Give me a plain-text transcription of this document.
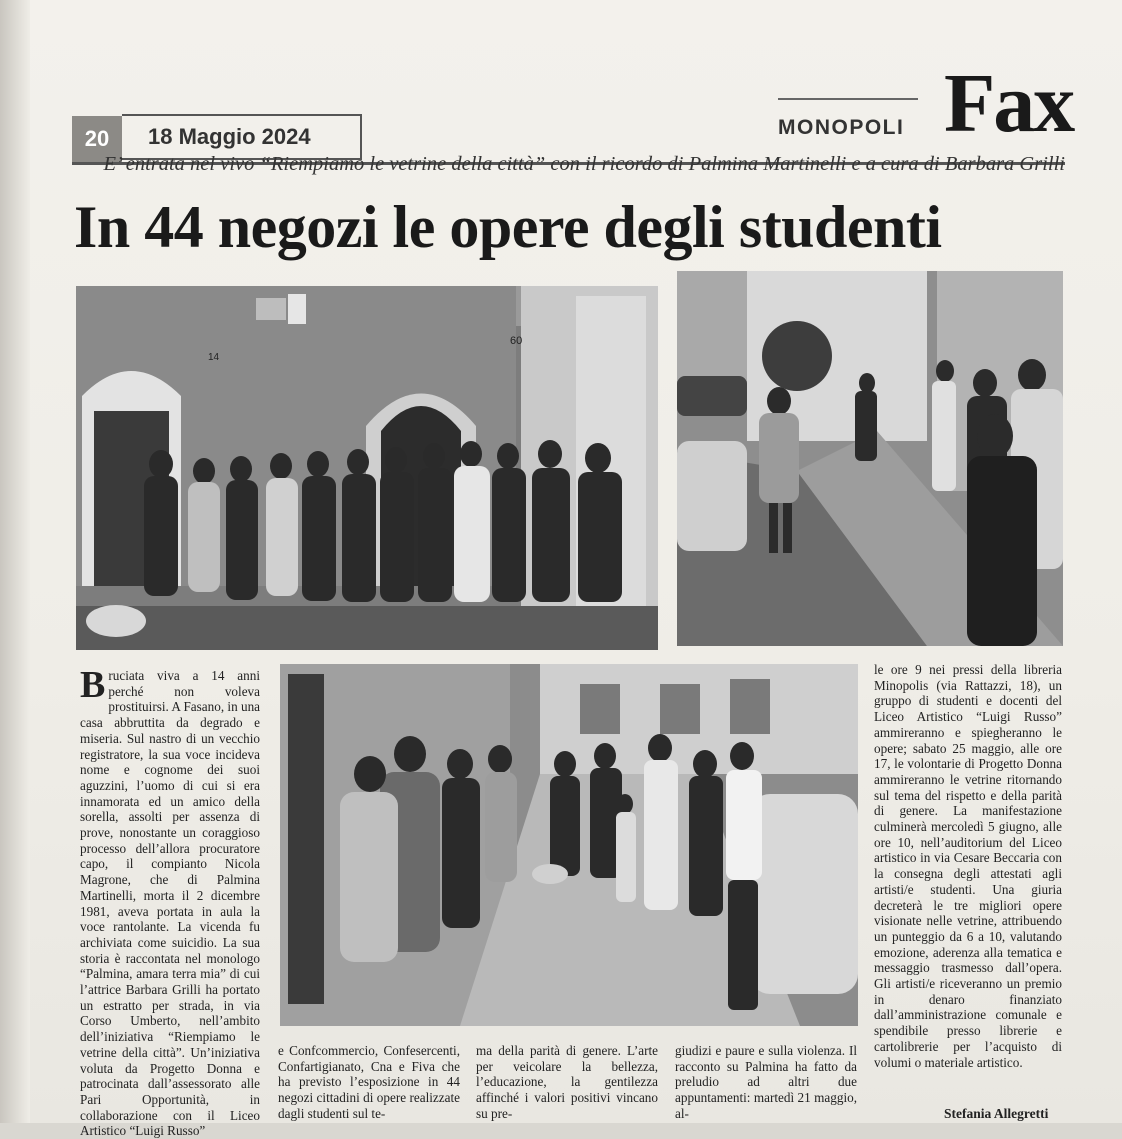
20	18 Maggio 2024	MONOPOLI Fax
E’ entrata nel vivo “Riempiamo le vetrine della città” con il ricordo di Palmina Martinelli e a cura di Barbara Grilli
In 44 negozi le opere degli studenti
60
14
Bruciata viva a 14 anni perché non voleva prostituirsi. A Fasano, in una casa abbruttita da degrado e miseria. Sul nastro di un vecchio registratore, la sua voce incideva nome e cognome dei suoi aguzzini, l’uomo di cui si era innamorata ed un amico della sorella, assolti per assenza di prove, nonostante un coraggioso processo dell’allora procuratore capo, il compianto Nicola Magrone, che di Palmina Martinelli, morta il 2 dicembre 1981, aveva portata in aula la voce rantolante. La vicenda fu archiviata come suicidio. La sua storia è raccontata nel monologo “Palmina, amara terra mia” di cui l’attrice Barbara Grilli ha portato un estratto per strada, in via Corso Umberto, nell’ambito dell’iniziativa “Riempiamo le vetrine della città”. Un’iniziativa voluta da Progetto Donna e patrocinata dall’assessorato alle Pari Opportunità, in collaborazione con il Liceo Artistico “Luigi Russo”
e Confcommercio, Confesercenti, Confartigianato, Cna e Fiva che ha previsto l’esposizione in 44 negozi cittadini di opere realizzate dagli studenti sul te-
ma della parità di genere. L’arte per veicolare la bellezza, l’educazione, la gentilezza affinché i valori positivi vincano su pre-
giudizi e paure e sulla violenza. Il racconto su Palmina ha fatto da preludio ad altri due appuntamenti: martedì 21 maggio, al-
le ore 9 nei pressi della libreria Minopolis (via Rattazzi, 18), un gruppo di studenti e docenti del Liceo Artistico “Luigi Russo” ammireranno e spiegheranno le opere; sabato 25 maggio, alle ore 17, le volontarie di Progetto Donna ammireranno le vetrine ritornando sul tema del rispetto e della parità di genere. La manifestazione culminerà mercoledì 5 giugno, alle ore 10, nell’auditorium del Liceo artistico in via Cesare Beccaria con la consegna degli attestati agli artisti/e studenti. Una giuria decreterà le tre migliori opere visionate nelle vetrine, attribuendo un punteggio da 6 a 10, valutando emozione, aderenza alla tematica e messaggio trasmesso dall’opera. Gli artisti/e riceveranno un premio in denaro finanziato dall’amministrazione comunale e spendibile presso librerie e cartolibrerie per l’acquisto di volumi o materiale artistico.
Stefania Allegretti
